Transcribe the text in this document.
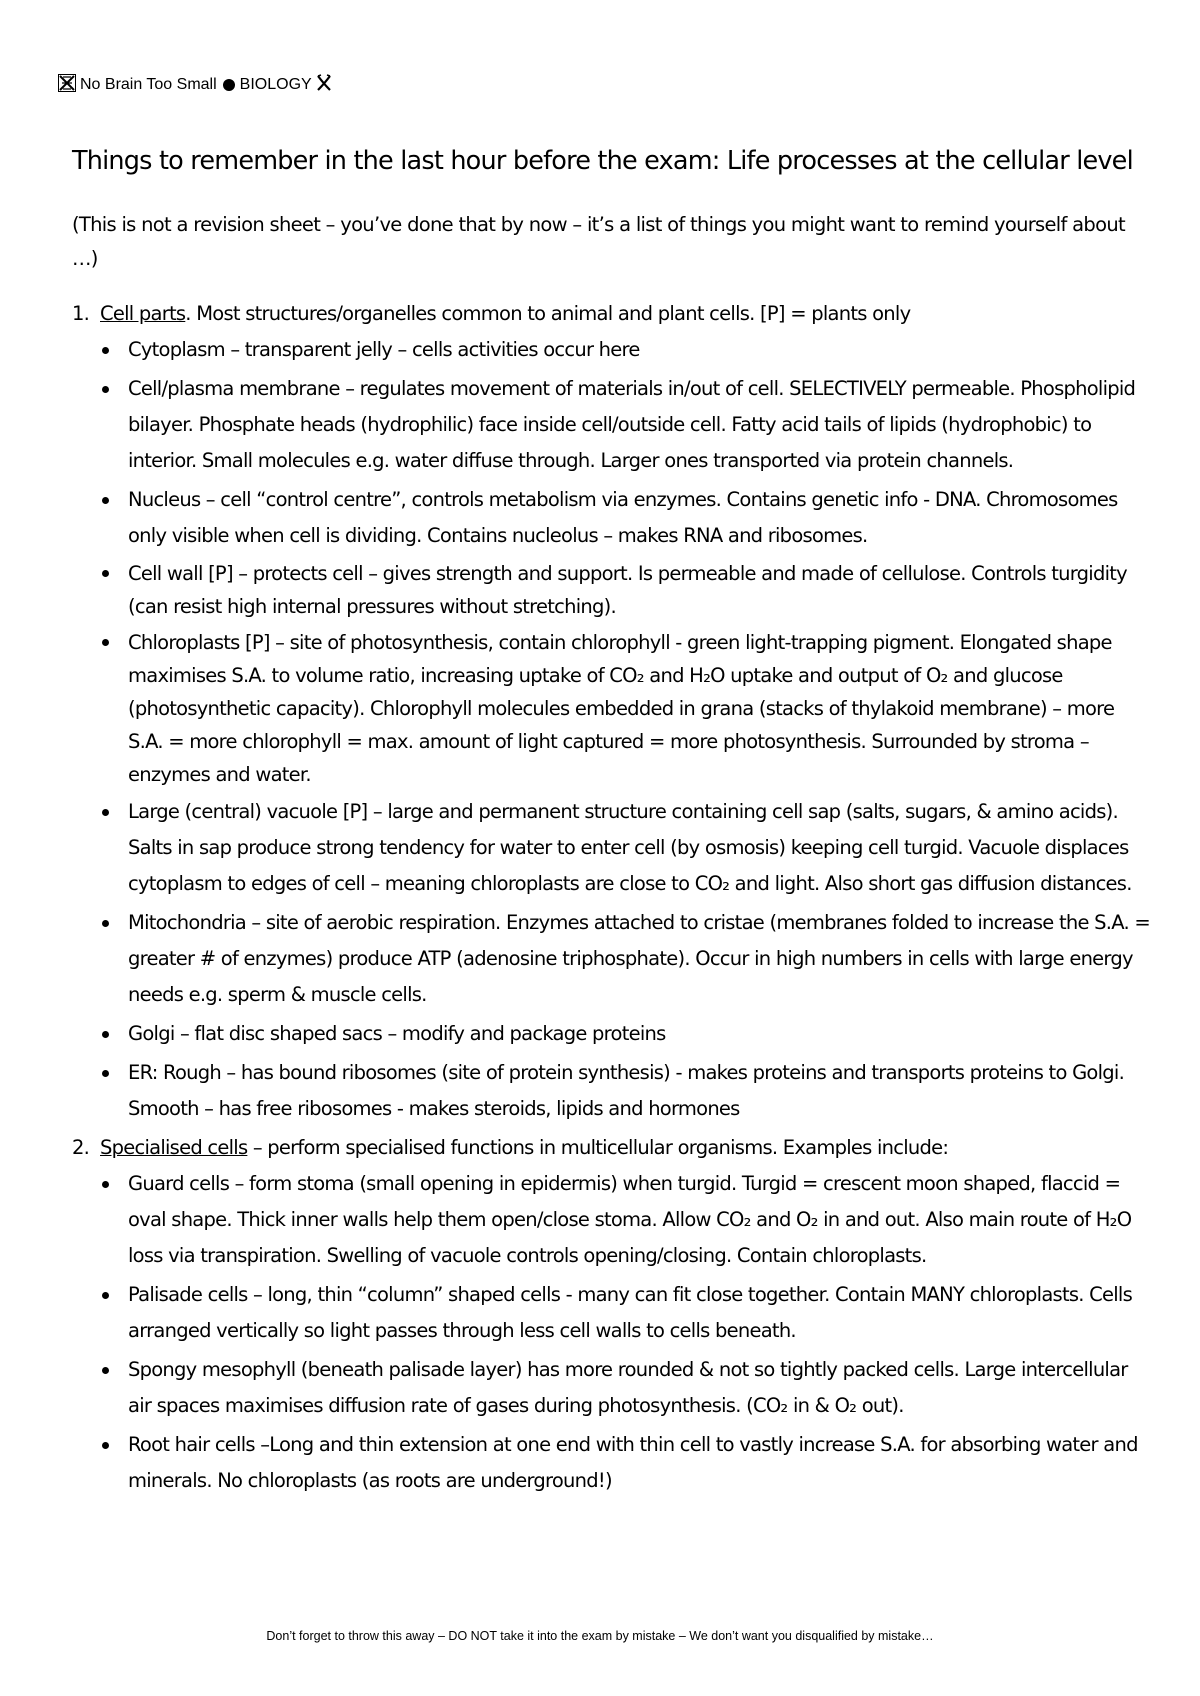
No Brain Too Small BIOLOGY
Things to remember in the last hour before the exam: Life processes at the cellular level
(This is not a revision sheet – you’ve done that by now – it’s a list of things you might want to remind yourself about …)
1. Cell parts. Most structures/organelles common to animal and plant cells. [P] = plants only
Cytoplasm – transparent jelly – cells activities occur here
Cell/plasma membrane – regulates movement of materials in/out of cell. SELECTIVELY permeable. Phospholipid bilayer. Phosphate heads (hydrophilic) face inside cell/outside cell. Fatty acid tails of lipids (hydrophobic) to interior. Small molecules e.g. water diffuse through. Larger ones transported via protein channels.
Nucleus – cell “control centre”, controls metabolism via enzymes. Contains genetic info - DNA. Chromosomes only visible when cell is dividing. Contains nucleolus – makes RNA and ribosomes.
Cell wall [P] – protects cell – gives strength and support. Is permeable and made of cellulose. Controls turgidity (can resist high internal pressures without stretching).
Chloroplasts [P] – site of photosynthesis, contain chlorophyll - green light-trapping pigment. Elongated shape maximises S.A. to volume ratio, increasing uptake of CO₂ and H₂O uptake and output of O₂ and glucose (photosynthetic capacity). Chlorophyll molecules embedded in grana (stacks of thylakoid membrane) – more S.A. = more chlorophyll = max. amount of light captured = more photosynthesis. Surrounded by stroma – enzymes and water.
Large (central) vacuole [P] – large and permanent structure containing cell sap (salts, sugars, & amino acids). Salts in sap produce strong tendency for water to enter cell (by osmosis) keeping cell turgid. Vacuole displaces cytoplasm to edges of cell – meaning chloroplasts are close to CO₂ and light. Also short gas diffusion distances.
Mitochondria – site of aerobic respiration. Enzymes attached to cristae (membranes folded to increase the S.A. = greater # of enzymes) produce ATP (adenosine triphosphate). Occur in high numbers in cells with large energy needs e.g. sperm & muscle cells.
Golgi – flat disc shaped sacs – modify and package proteins
ER: Rough – has bound ribosomes (site of protein synthesis) - makes proteins and transports proteins to Golgi. Smooth – has free ribosomes - makes steroids, lipids and hormones
2. Specialised cells – perform specialised functions in multicellular organisms. Examples include:
Guard cells – form stoma (small opening in epidermis) when turgid. Turgid = crescent moon shaped, flaccid = oval shape. Thick inner walls help them open/close stoma. Allow CO₂ and O₂ in and out. Also main route of H₂O loss via transpiration. Swelling of vacuole controls opening/closing. Contain chloroplasts.
Palisade cells – long, thin “column” shaped cells - many can fit close together. Contain MANY chloroplasts. Cells arranged vertically so light passes through less cell walls to cells beneath.
Spongy mesophyll (beneath palisade layer) has more rounded & not so tightly packed cells. Large intercellular air spaces maximises diffusion rate of gases during photosynthesis. (CO₂ in & O₂ out).
Root hair cells –Long and thin extension at one end with thin cell to vastly increase S.A. for absorbing water and minerals. No chloroplasts (as roots are underground!)
Don’t forget to throw this away – DO NOT take it into the exam by mistake – We don’t want you disqualified by mistake…
